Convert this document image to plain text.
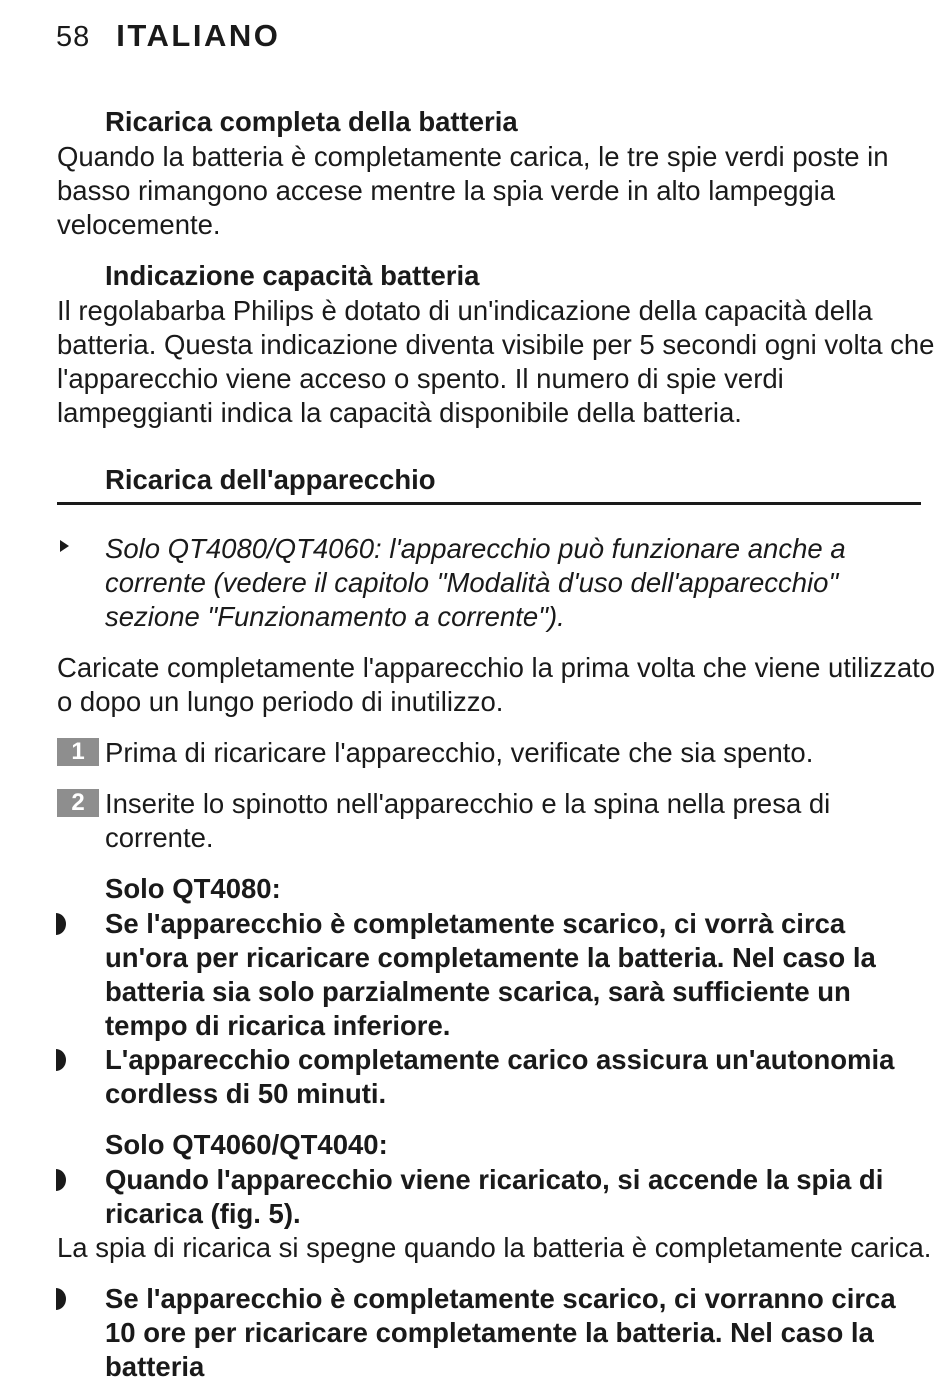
58 ITALIANO
Ricarica completa della batteria
Quando la batteria è completamente carica, le tre spie verdi poste in basso rimangono accese mentre la spia verde in alto lampeggia velocemente.
Indicazione capacità batteria
Il regolabarba Philips è dotato di un'indicazione della capacità della batteria. Questa indicazione diventa visibile per 5 secondi ogni volta che l'apparecchio viene acceso o spento. Il numero di spie verdi lampeggianti indica la capacità disponibile della batteria.
Ricarica dell'apparecchio
Solo QT4080/QT4060: l'apparecchio può funzionare anche a corrente (vedere il capitolo "Modalità d'uso dell'apparecchio" sezione "Funzionamento a corrente").
Caricate completamente l'apparecchio la prima volta che viene utilizzato o dopo un lungo periodo di inutilizzo.
1 Prima di ricaricare l'apparecchio, verificate che sia spento.
2 Inserite lo spinotto nell'apparecchio e la spina nella presa di corrente.
Solo QT4080:
Se l'apparecchio è completamente scarico, ci vorrà circa un'ora per ricaricare completamente la batteria. Nel caso la batteria sia solo parzialmente scarica, sarà sufficiente un tempo di ricarica inferiore.
L'apparecchio completamente carico assicura un'autonomia cordless di 50 minuti.
Solo QT4060/QT4040:
Quando l'apparecchio viene ricaricato, si accende la spia di ricarica (fig. 5).
La spia di ricarica si spegne quando la batteria è completamente carica.
Se l'apparecchio è completamente scarico, ci vorranno circa 10 ore per ricaricare completamente la batteria. Nel caso la batteria
